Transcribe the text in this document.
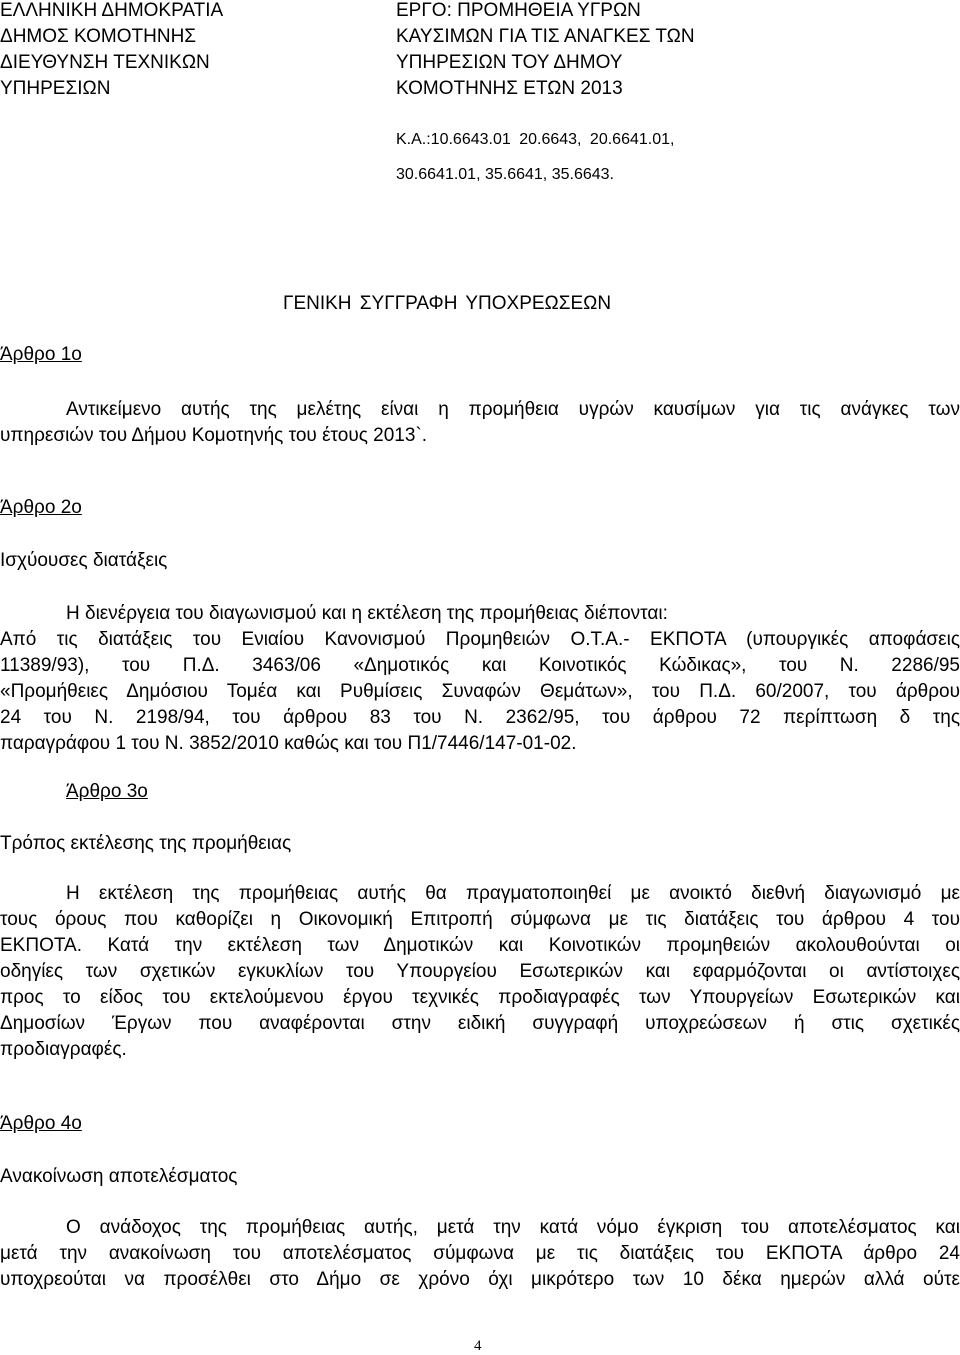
ΕΛΛΗΝΙΚΗ ΔΗΜΟΚΡΑΤΙΑ
ΔΗΜΟΣ ΚΟΜΟΤΗΝΗΣ
ΔΙΕΥΘΥΝΣΗ ΤΕΧΝΙΚΩΝ
ΥΠΗΡΕΣΙΩΝ
ΕΡΓΟ: ΠΡΟΜΗΘΕΙΑ ΥΓΡΩΝ
ΚΑΥΣΙΜΩΝ ΓΙΑ ΤΙΣ ΑΝΑΓΚΕΣ ΤΩΝ
ΥΠΗΡΕΣΙΩΝ ΤΟΥ ΔΗΜΟΥ
ΚΟΜΟΤΗΝΗΣ ΕΤΩΝ 2013
Κ.Α.:10.6643.01 20.6643, 20.6641.01,
30.6641.01, 35.6641, 35.6643.
ΓΕΝΙΚΗ ΣΥΓΓΡΑΦΗ ΥΠΟΧΡΕΩΣΕΩΝ
Άρθρο 1ο
Αντικείμενο αυτής της μελέτης είναι η προμήθεια υγρών καυσίμων για τις ανάγκες των
υπηρεσιών του Δήμου Κομοτηνής του έτους 2013`.
Άρθρο 2ο
Ισχύουσες διατάξεις
Η διενέργεια του διαγωνισμού και η εκτέλεση της προμήθειας διέπονται:
Από τις διατάξεις του Ενιαίου Κανονισμού Προμηθειών Ο.Τ.Α.- ΕΚΠΟΤΑ (υπουργικές αποφάσεις
11389/93), του Π.Δ. 3463/06 «Δημοτικός και Κοινοτικός Κώδικας», του Ν. 2286/95
«Προμήθειες Δημόσιου Τομέα και Ρυθμίσεις Συναφών Θεμάτων», του Π.Δ. 60/2007, του άρθρου
24 του Ν. 2198/94, του άρθρου 83 του Ν. 2362/95, του άρθρου 72 περίπτωση δ της
παραγράφου 1 του Ν. 3852/2010 καθώς και του Π1/7446/147-01-02.
Άρθρο 3ο
Τρόπος εκτέλεσης της προμήθειας
Η εκτέλεση της προμήθειας αυτής θα πραγματοποιηθεί με ανοικτό διεθνή διαγωνισμό με
τους όρους που καθορίζει η Οικονομική Επιτροπή σύμφωνα με τις διατάξεις του άρθρου 4 του
ΕΚΠΟΤΑ. Κατά την εκτέλεση των Δημοτικών και Κοινοτικών προμηθειών ακολουθούνται οι
οδηγίες των σχετικών εγκυκλίων του Υπουργείου Εσωτερικών και εφαρμόζονται οι αντίστοιχες
προς το είδος του εκτελούμενου έργου τεχνικές προδιαγραφές των Υπουργείων Εσωτερικών και
Δημοσίων Έργων που αναφέρονται στην ειδική συγγραφή υποχρεώσεων ή στις σχετικές
προδιαγραφές.
Άρθρο 4ο
Ανακοίνωση αποτελέσματος
Ο ανάδοχος της προμήθειας αυτής, μετά την κατά νόμο έγκριση του αποτελέσματος και
μετά την ανακοίνωση του αποτελέσματος σύμφωνα με τις διατάξεις του ΕΚΠΟΤΑ άρθρο 24
υποχρεούται να προσέλθει στο Δήμο σε χρόνο όχι μικρότερο των 10 δέκα ημερών αλλά ούτε
4
